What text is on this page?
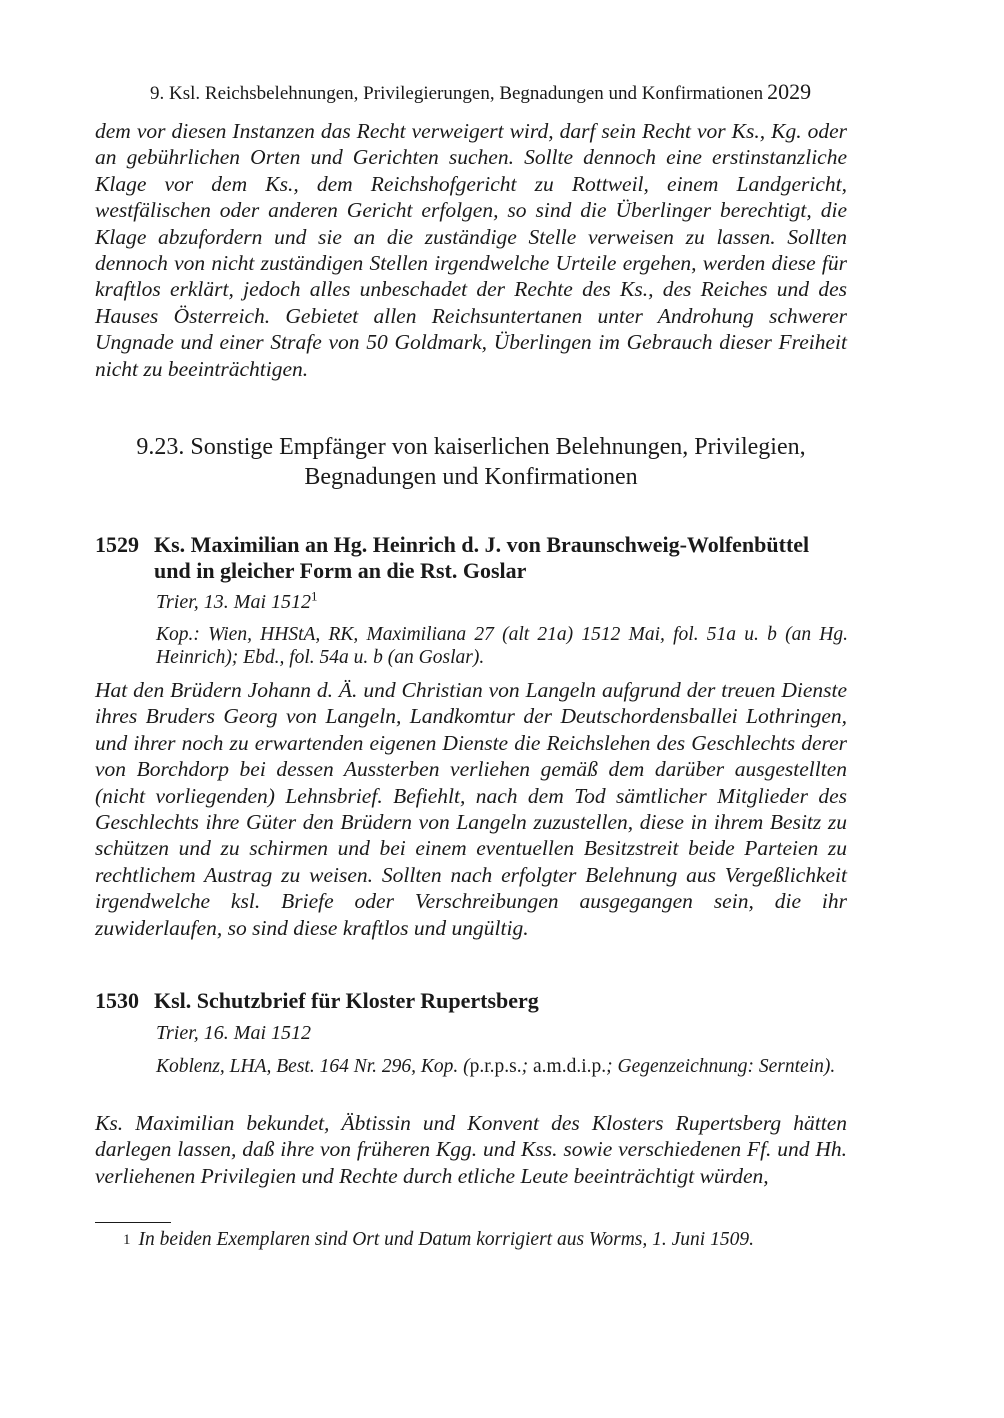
9. Ksl. Reichsbelehnungen, Privilegierungen, Begnadungen und Konfirmationen 2029

dem vor diesen Instanzen das Recht verweigert wird, darf sein Recht vor Ks., Kg. oder an gebührlichen Orten und Gerichten suchen. Sollte dennoch eine erstinstanzliche Klage vor dem Ks., dem Reichshofgericht zu Rottweil, einem Landgericht, westfälischen oder anderen Gericht erfolgen, so sind die Überlinger berechtigt, die Klage abzufordern und sie an die zuständige Stelle verweisen zu lassen. Sollten dennoch von nicht zuständigen Stellen irgendwelche Urteile ergehen, werden diese für kraftlos erklärt, jedoch alles unbeschadet der Rechte des Ks., des Reiches und des Hauses Österreich. Gebietet allen Reichsuntertanen unter Androhung schwerer Ungnade und einer Strafe von 50 Goldmark, Überlingen im Gebrauch dieser Freiheit nicht zu beeinträchtigen.

9.23. Sonstige Empfänger von kaiserlichen Belehnungen, Privilegien,
Begnadungen und Konfirmationen
1529 Ks. Maximilian an Hg. Heinrich d. J. von Braunschweig-Wolfenbüttel und in gleicher Form an die Rst. Goslar
Trier, 13. Mai 1512$^1$

Kop.: Wien, HHStA, RK, Maximiliana 27 (alt 21a) 1512 Mai, fol. 51a u. b (an Hg. Heinrich); Ebd., fol. 54a u. b (an Goslar).

Hat den Brüdern Johann d. Ä. und Christian von Langeln aufgrund der treuen Dienste ihres Bruders Georg von Langeln, Landkomtur der Deutschordensballei Lothringen, und ihrer noch zu erwartenden eigenen Dienste die Reichslehen des Geschlechts derer von Borchdorp bei dessen Aussterben verliehen gemäß dem darüber ausgestellten (nicht vorliegenden) Lehnsbrief. Befiehlt, nach dem Tod sämtlicher Mitglieder des Geschlechts ihre Güter den Brüdern von Langeln zuzustellen, diese in ihrem Besitz zu schützen und zu schirmen und bei einem eventuellen Besitzstreit beide Parteien zu rechtlichem Austrag zu weisen. Sollten nach erfolgter Belehnung aus Vergeßlichkeit irgendwelche ksl. Briefe oder Verschreibungen ausgegangen sein, die ihr zuwiderlaufen, so sind diese kraftlos und ungültig.

1530 Ksl. Schutzbrief für Kloster Rupertsberg
Trier, 16. Mai 1512

Koblenz, LHA, Best. 164 Nr. 296, Kop. (p.r.p.s.; a.m.d.i.p.; Gegenzeichnung: Serntein).

Ks. Maximilian bekundet, Äbtissin und Konvent des Klosters Rupertsberg hätten darlegen lassen, daß ihre von früheren Kgg. und Kss. sowie verschiedenen Ff. und Hh. verliehenen Privilegien und Rechte durch etliche Leute beeinträchtigt würden,

$^1$ In beiden Exemplaren sind Ort und Datum korrigiert aus Worms, 1. Juni 1509.
